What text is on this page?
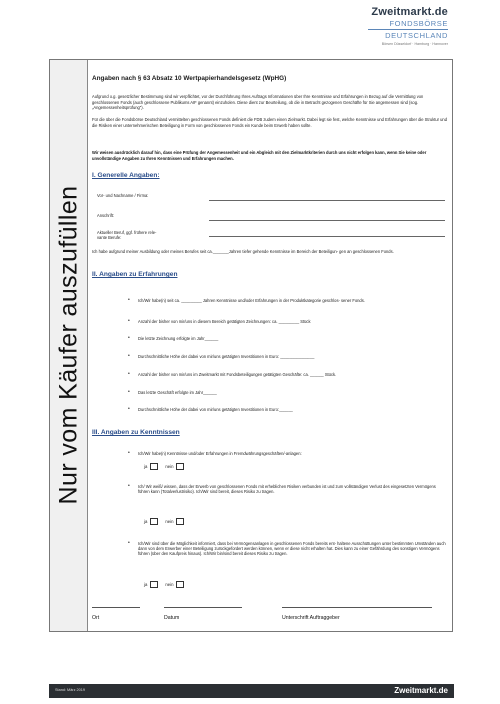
Zweitmarkt.de
FONDSBÖRSE
DEUTSCHLAND
Börsen Düsseldorf · Hamburg · Hannover
Nur vom Käufer auszufüllen
Angaben nach § 63 Absatz 10 Wertpapierhandelsgesetz (WpHG)
Aufgrund o.g. gesetzlicher Bestimmung sind wir verpflichtet, vor der Durchführung Ihres Auftrags Informationen über Ihre Kenntnisse und Erfahrungen in Bezug auf die Vermittlung von geschlossenen Fonds (auch geschlossene Publikums AIF genannt) einzuholen. Diese dient zur Beurteilung, ob die in Betracht gezogenen Geschäfte für Sie angemessen sind (sog. „Angemessenheitsprüfung").
Für die über die Fondsbörse Deutschland vermittelten geschlossenen Fonds definiert die FDB zudem einen Zielmarkt. Dabei legt sie fest, welche Kenntnisse und Erfahrungen über die Struktur und die Risiken einer unternehmerischen Beteiligung in Form von geschlossenen Fonds ein Kunde beim Erwerb haben sollte.
Wir weisen ausdrücklich darauf hin, dass eine Prüfung der Angemessenheit und ein Abgleich mit den Zielmarktkriterien durch uns nicht erfolgen kann, wenn Sie keine oder unvollständige Angaben zu Ihren Kenntnissen und Erfahrungen machen.
I. Generelle Angaben:
Vor- und Nachname / Firma:
Anschrift:
Aktueller Beruf, ggf. frühere rele- vante Berufe:
Ich habe aufgrund meiner Ausbildung oder meines Berufes seit ca._______Jahren tiefer gehende Kenntnisse im Bereich der Beteiligun- gen an geschlossenen Fonds.
II. Angaben zu Erfahrungen
• Ich/Wir habe(n) seit ca. _________ Jahren Kenntnisse und/oder Erfahrungen in der Produktkategorie geschlos- sener Fonds.
• Anzahl der bisher von mir/uns in diesem Bereich getätigten Zeichnungen: ca. _________ Stück
• Die letzte Zeichnung erfolgte im Jahr______
• Durchschnittliche Höhe der dabei von mir/uns getätigten Investitionen in Euro: _______________
• Anzahl der bisher von mir/uns im Zweitmarkt mit Fondsbeteiligungen getätigten Geschäfte: ca. ______ Stück.
• Das letzte Geschäft erfolgte im Jahr______
• Durchschnittliche Höhe der dabei von mir/uns getätigten Investitionen in Euro:______
III. Angaben zu Kenntnissen
• Ich/Wir habe(n) Kenntnisse und/oder Erfahrungen in Fremdwährungsgeschäften/-anlagen:
ja	nein
• Ich/ Wir weiß/ wissen, dass der Erwerb von geschlossenen Fonds mit erheblichen Risiken verbunden ist und zum vollständigen Verlust des eingesetzten Vermögens führen kann (Totalverlustrisiko). Ich/Wir sind bereit, dieses Risiko zu tragen.
ja	nein
• Ich/Wir sind über die Möglichkeit informiert, dass bei Vermögensanlagen in geschlossenen Fonds bereits ent- haltene Ausschüttungen unter bestimmten Umständen auch dann von dem Erwerber einer Beteiligung zurückgefordert werden können, wenn er diese nicht erhalten hat. Dies kann zu einer Gefährdung des sonstigen Vermögens führen (über den Kaufpreis hinaus). Ich/Wir bin/sind bereit dieses Risiko zu tragen.
ja	nein
Ort	Datum	Unterschrift Auftraggeber
Stand: März 2019	Zweitmarkt.de
